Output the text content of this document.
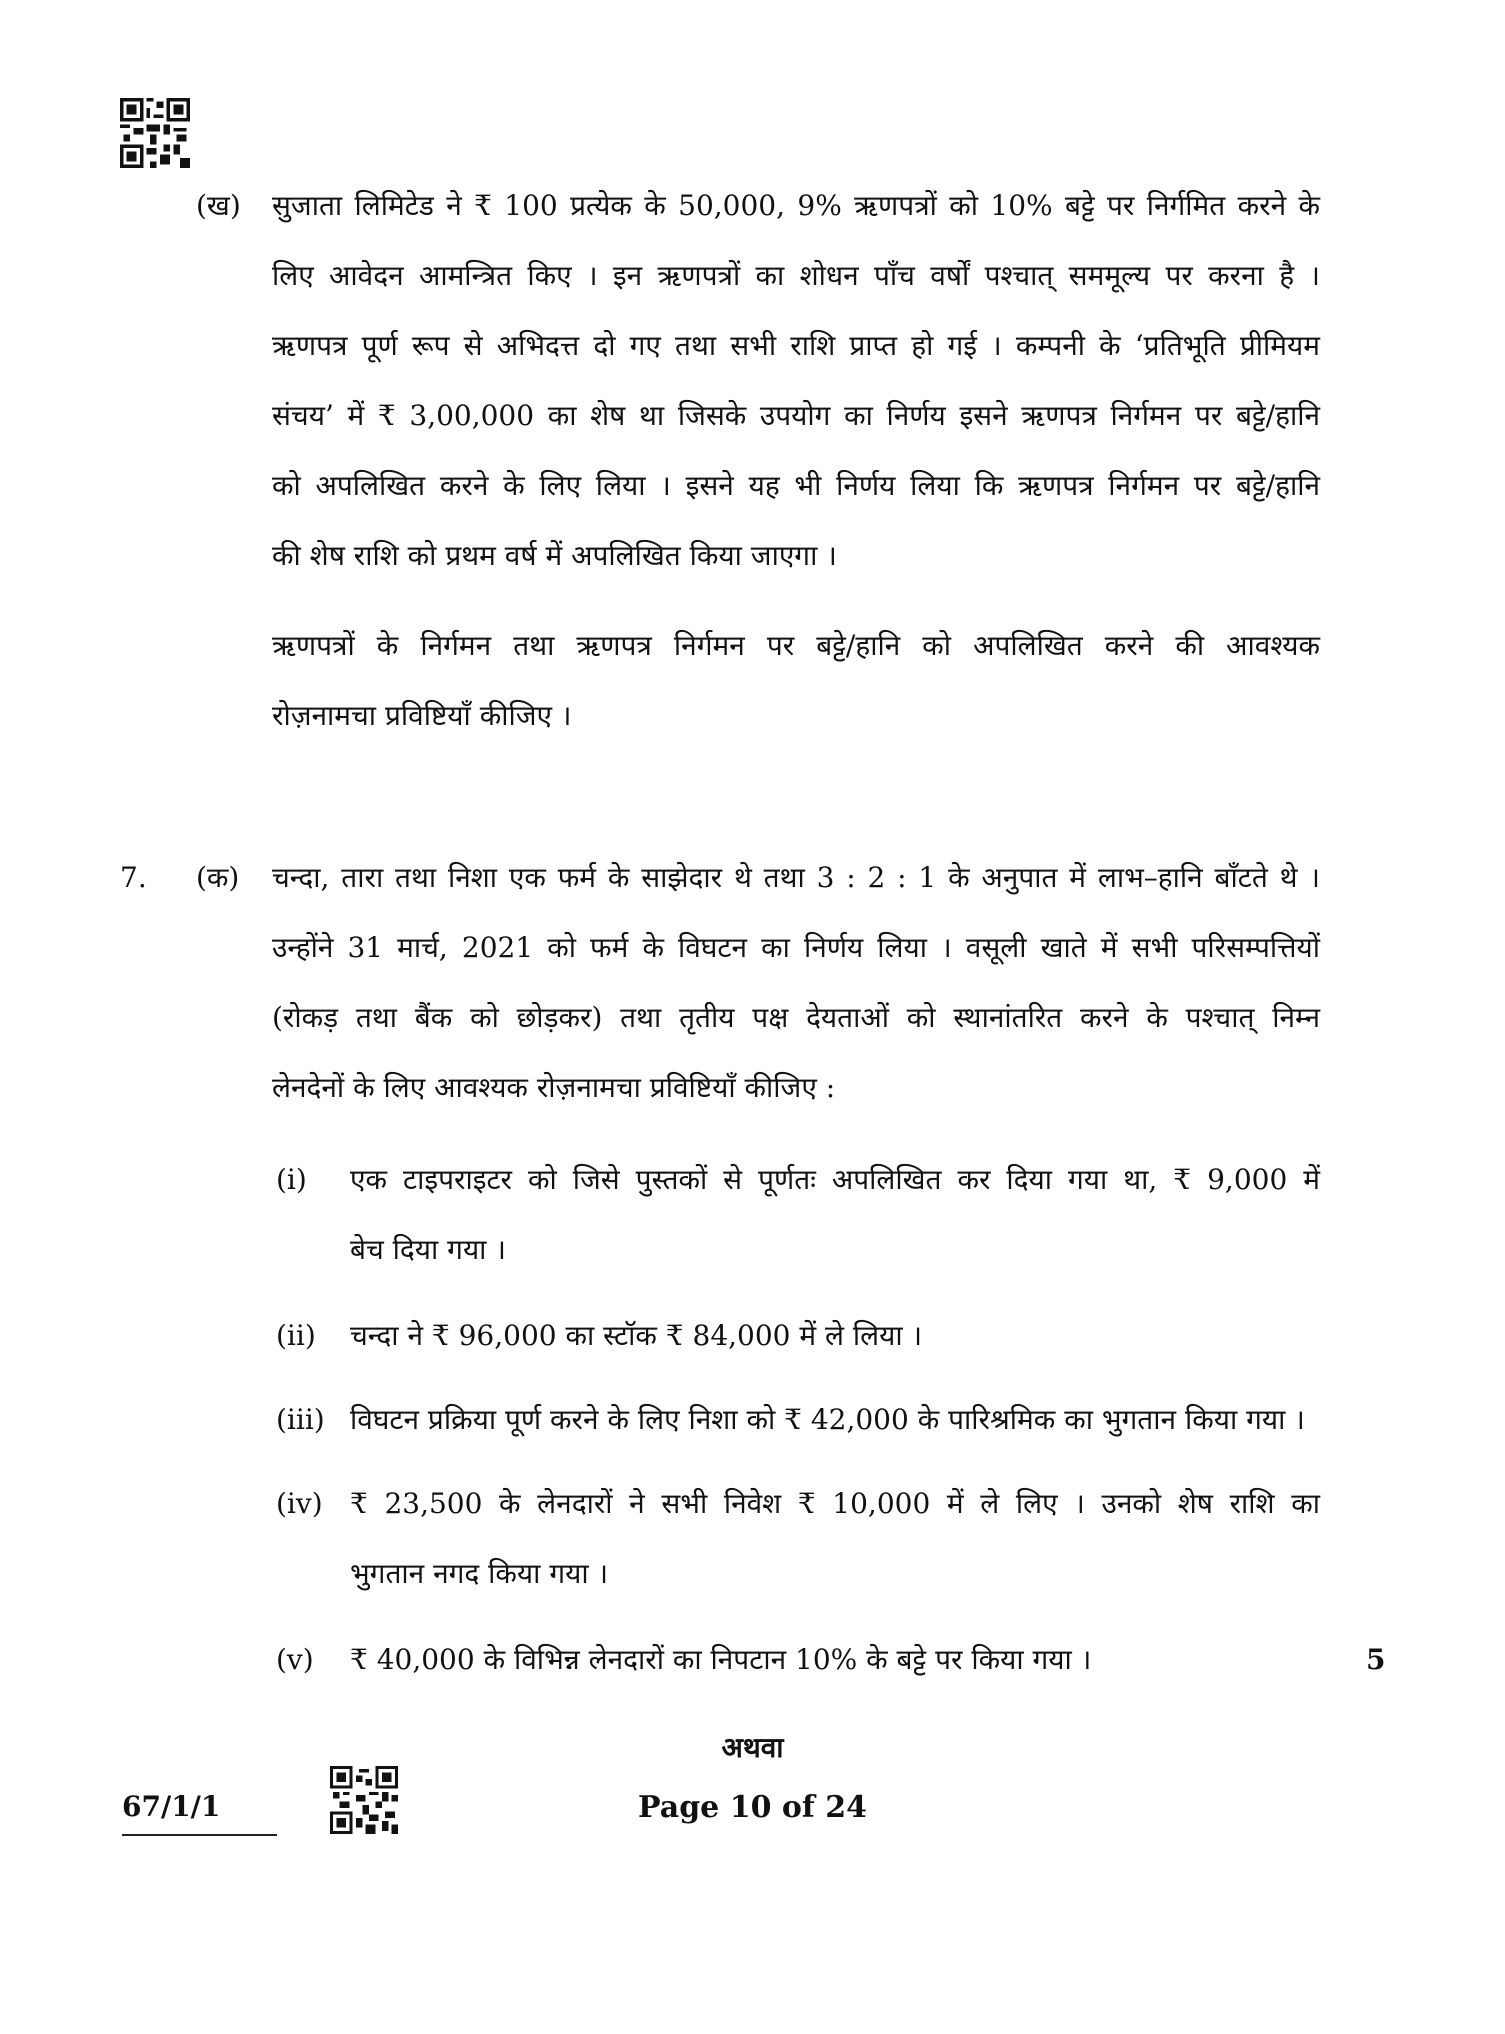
(ख) सुजाता लिमिटेड ने ₹ 100 प्रत्येक के 50,000, 9% ऋणपत्रों को 10% बट्टे पर निर्गमित करने के
लिए आवेदन आमन्त्रित किए । इन ऋणपत्रों का शोधन पाँच वर्षों पश्चात् सममूल्य पर करना है ।
ऋणपत्र पूर्ण रूप से अभिदत्त दो गए तथा सभी राशि प्राप्त हो गई । कम्पनी के ‘प्रतिभूति प्रीमियम
संचय’ में ₹ 3,00,000 का शेष था जिसके उपयोग का निर्णय इसने ऋणपत्र निर्गमन पर बट्टे/हानि
को अपलिखित करने के लिए लिया । इसने यह भी निर्णय लिया कि ऋणपत्र निर्गमन पर बट्टे/हानि
की शेष राशि को प्रथम वर्ष में अपलिखित किया जाएगा ।
ऋणपत्रों के निर्गमन तथा ऋणपत्र निर्गमन पर बट्टे/हानि को अपलिखित करने की आवश्यक
रोज़नामचा प्रविष्टियाँ कीजिए ।
7. (क) चन्दा, तारा तथा निशा एक फर्म के साझेदार थे तथा 3 : 2 : 1 के अनुपात में लाभ–हानि बाँटते थे ।
उन्होंने 31 मार्च, 2021 को फर्म के विघटन का निर्णय लिया । वसूली खाते में सभी परिसम्पत्तियों
(रोकड़ तथा बैंक को छोड़कर) तथा तृतीय पक्ष देयताओं को स्थानांतरित करने के पश्चात् निम्न
लेनदेनों के लिए आवश्यक रोज़नामचा प्रविष्टियाँ कीजिए :
(i) एक टाइपराइटर को जिसे पुस्तकों से पूर्णतः अपलिखित कर दिया गया था, ₹ 9,000 में
बेच दिया गया ।
(ii) चन्दा ने ₹ 96,000 का स्टॉक ₹ 84,000 में ले लिया ।
(iii) विघटन प्रक्रिया पूर्ण करने के लिए निशा को ₹ 42,000 के पारिश्रमिक का भुगतान किया गया ।
(iv) ₹ 23,500 के लेनदारों ने सभी निवेश ₹ 10,000 में ले लिए । उनको शेष राशि का
भुगतान नगद किया गया ।
(v) ₹ 40,000 के विभिन्न लेनदारों का निपटान 10% के बट्टे पर किया गया ।	5
अथवा
67/1/1	Page 10 of 24
